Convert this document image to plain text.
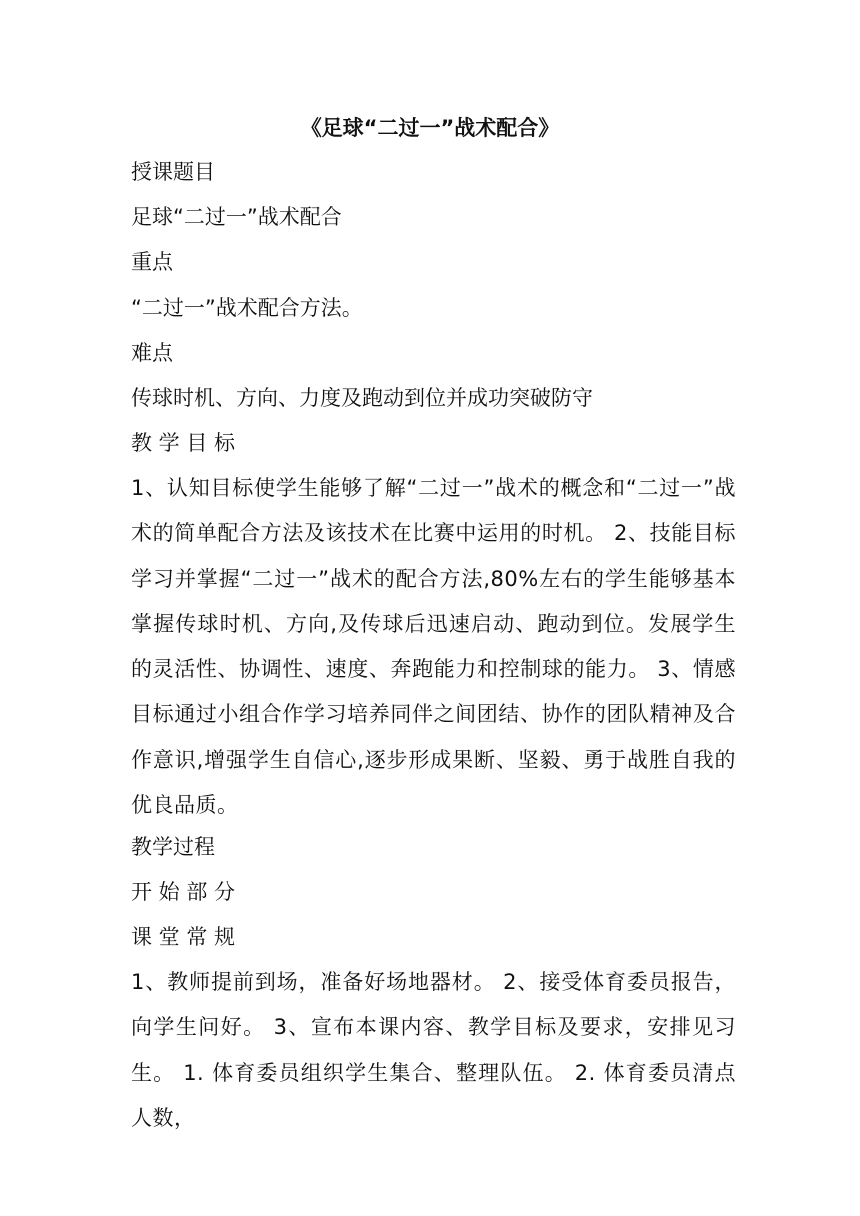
《足球“二过一”战术配合》

授课题目

足球“二过一”战术配合

重点

“二过一”战术配合方法。

难点

传球时机、方向、力度及跑动到位并成功突破防守

教 学 目 标

1、认知目标使学生能够了解“二过一”战术的概念和“二过一”战术的简单配合方法及该技术在比赛中运用的时机。 2、技能目标学习并掌握“二过一”战术的配合方法,80%左右的学生能够基本掌握传球时机、方向,及传球后迅速启动、跑动到位。发展学生的灵活性、协调性、速度、奔跑能力和控制球的能力。 3、情感目标通过小组合作学习培养同伴之间团结、协作的团队精神及合作意识,增强学生自信心,逐步形成果断、坚毅、勇于战胜自我的优良品质。

教学过程

开 始 部 分

课 堂 常 规

1、教师提前到场，准备好场地器材。 2、接受体育委员报告，向学生问好。 3、宣布本课内容、教学目标及要求，安排见习生。 1. 体育委员组织学生集合、整理队伍。 2. 体育委员清点人数，
